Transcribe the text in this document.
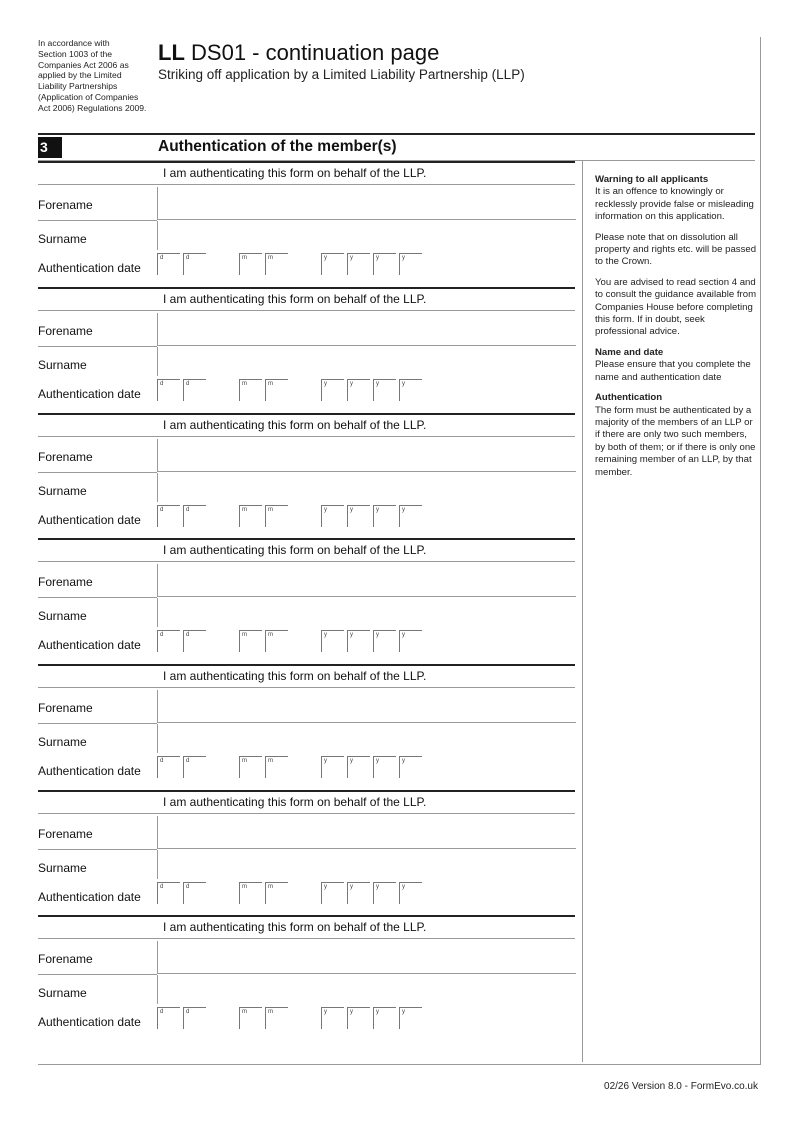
In accordance with
Section 1003 of the
Companies Act 2006 as
applied by the Limited
Liability Partnerships
(Application of Companies
Act 2006) Regulations 2009.
LL DS01 - continuation page
Striking off application by a Limited Liability Partnership (LLP)
3	Authentication of the member(s)
I am authenticating this form on behalf of the LLP.
Forename
Surname
Authentication date
d	d	m	m	y	y	y	y
I am authenticating this form on behalf of the LLP.
Forename
Surname
Authentication date
d	d	m	m	y	y	y	y
I am authenticating this form on behalf of the LLP.
Forename
Surname
Authentication date
d	d	m	m	y	y	y	y
I am authenticating this form on behalf of the LLP.
Forename
Surname
Authentication date
d	d	m	m	y	y	y	y
I am authenticating this form on behalf of the LLP.
Forename
Surname
Authentication date
d	d	m	m	y	y	y	y
I am authenticating this form on behalf of the LLP.
Forename
Surname
Authentication date
d	d	m	m	y	y	y	y
I am authenticating this form on behalf of the LLP.
Forename
Surname
Authentication date
d	d	m	m	y	y	y	y

Warning to all applicants
It is an offence to knowingly or recklessly provide false or misleading information on this application.

Please note that on dissolution all property and rights etc. will be passed to the Crown.

You are advised to read section 4 and to consult the guidance available from Companies House before completing this form. If in doubt, seek professional advice.

Name and date
Please ensure that you complete the name and authentication date

Authentication
The form must be authenticated by a majority of the members of an LLP or if there are only two such members, by both of them; or if there is only one remaining member of an LLP, by that member.

02/26 Version 8.0 - FormEvo.co.uk
